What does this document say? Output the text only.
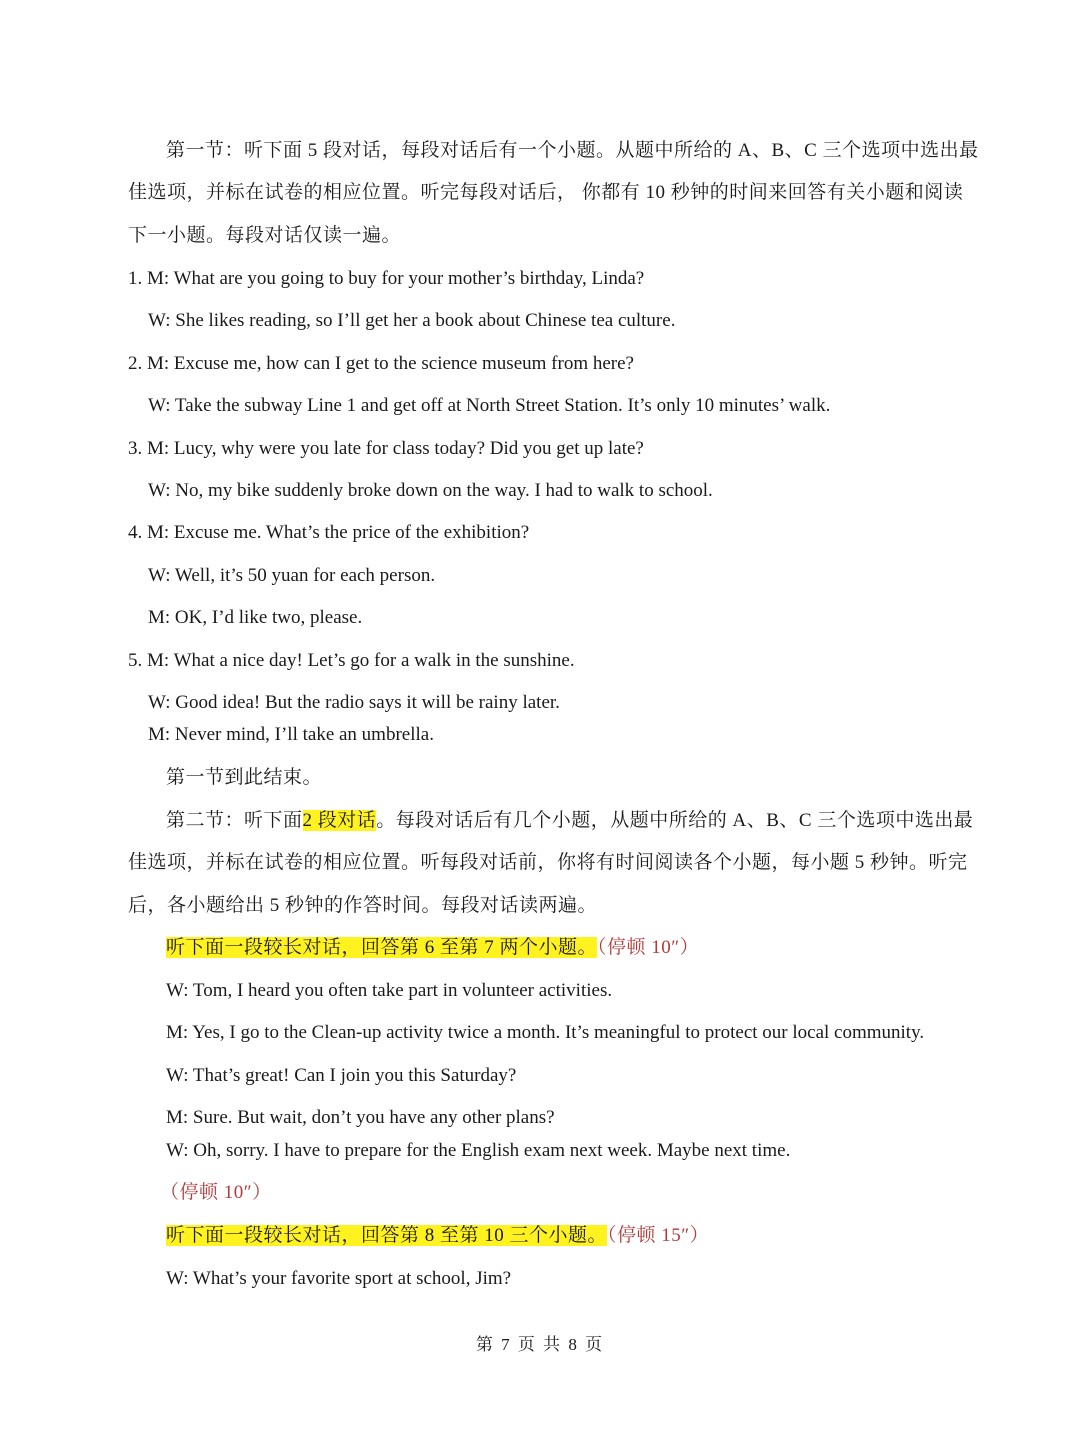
第一节：听下面 5 段对话，每段对话后有一个小题。从题中所给的 A、B、C 三个选项中选出最
佳选项，并标在试卷的相应位置。听完每段对话后， 你都有 10 秒钟的时间来回答有关小题和阅读
下一小题。每段对话仅读一遍。
1. M: What are you going to buy for your mother’s birthday, Linda?
W: She likes reading, so I’ll get her a book about Chinese tea culture.
2. M: Excuse me, how can I get to the science museum from here?
W: Take the subway Line 1 and get off at North Street Station. It’s only 10 minutes’ walk.
3. M: Lucy, why were you late for class today? Did you get up late?
W: No, my bike suddenly broke down on the way. I had to walk to school.
4. M: Excuse me. What’s the price of the exhibition?
W: Well, it’s 50 yuan for each person.
M: OK, I’d like two, please.
5. M: What a nice day! Let’s go for a walk in the sunshine.
W: Good idea! But the radio says it will be rainy later.
M: Never mind, I’ll take an umbrella.
第一节到此结束。
第二节：听下面2 段对话。每段对话后有几个小题，从题中所给的 A、B、C 三个选项中选出最
佳选项，并标在试卷的相应位置。听每段对话前，你将有时间阅读各个小题，每小题 5 秒钟。听完
后，各小题给出 5 秒钟的作答时间。每段对话读两遍。
听下面一段较长对话，回答第 6 至第 7 两个小题。（停顿 10″）
W: Tom, I heard you often take part in volunteer activities.
M: Yes, I go to the Clean-up activity twice a month. It’s meaningful to protect our local community.
W: That’s great! Can I join you this Saturday?
M: Sure. But wait, don’t you have any other plans?
W: Oh, sorry. I have to prepare for the English exam next week. Maybe next time.
（停顿 10″）
听下面一段较长对话，回答第 8 至第 10 三个小题。（停顿 15″）
W: What’s your favorite sport at school, Jim?
第 7 页 共 8 页
